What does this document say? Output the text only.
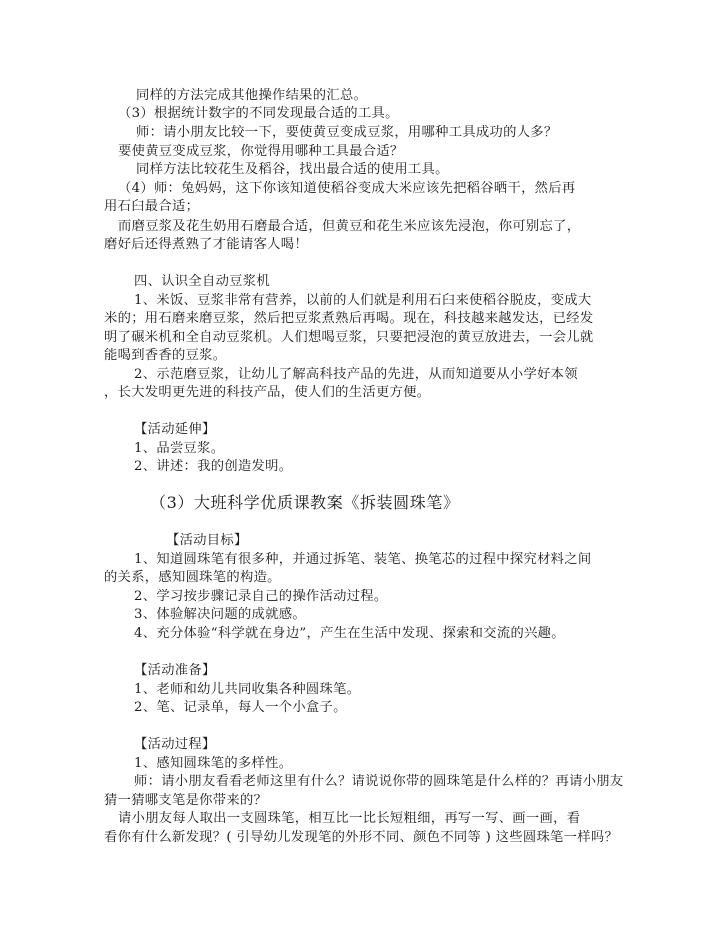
同样的方法完成其他操作结果的汇总。
（3）根据统计数字的不同发现最合适的工具。
师：请小朋友比较一下，要使黄豆变成豆浆，用哪种工具成功的人多？
要使黄豆变成豆浆，你觉得用哪种工具最合适？
同样方法比较花生及稻谷，找出最合适的使用工具。
（4）师：兔妈妈，这下你该知道使稻谷变成大米应该先把稻谷晒干，然后再
用石臼最合适；
而磨豆浆及花生奶用石磨最合适，但黄豆和花生米应该先浸泡，你可别忘了，
磨好后还得煮熟了才能请客人喝！
四、认识全自动豆浆机
1、米饭、豆浆非常有营养，以前的人们就是利用石臼来使稻谷脱皮，变成大
米的；用石磨来磨豆浆，然后把豆浆煮熟后再喝。现在，科技越来越发达，已经发
明了碾米机和全自动豆浆机。人们想喝豆浆，只要把浸泡的黄豆放进去，一会儿就
能喝到香香的豆浆。
2、示范磨豆浆，让幼儿了解高科技产品的先进，从而知道要从小学好本领
，长大发明更先进的科技产品，使人们的生活更方便。
【活动延伸】
1、品尝豆浆。
2、讲述：我的创造发明。
（3）大班科学优质课教案《拆装圆珠笔》
【活动目标】
1、知道圆珠笔有很多种，并通过拆笔、装笔、换笔芯的过程中探究材料之间
的关系，感知圆珠笔的构造。
2、学习按步骤记录自己的操作活动过程。
3、体验解决问题的成就感。
4、充分体验“科学就在身边”，产生在生活中发现、探索和交流的兴趣。
【活动准备】
1、老师和幼儿共同收集各种圆珠笔。
2、笔、记录单，每人一个小盒子。
【活动过程】
1、感知圆珠笔的多样性。
师：请小朋友看看老师这里有什么？请说说你带的圆珠笔是什么样的？再请小朋友
猜一猜哪支笔是你带来的？
请小朋友每人取出一支圆珠笔，相互比一比长短粗细，再写一写、画一画，看
看你有什么新发现？( 引导幼儿发现笔的外形不同、颜色不同等 ) 这些圆珠笔一样吗？
